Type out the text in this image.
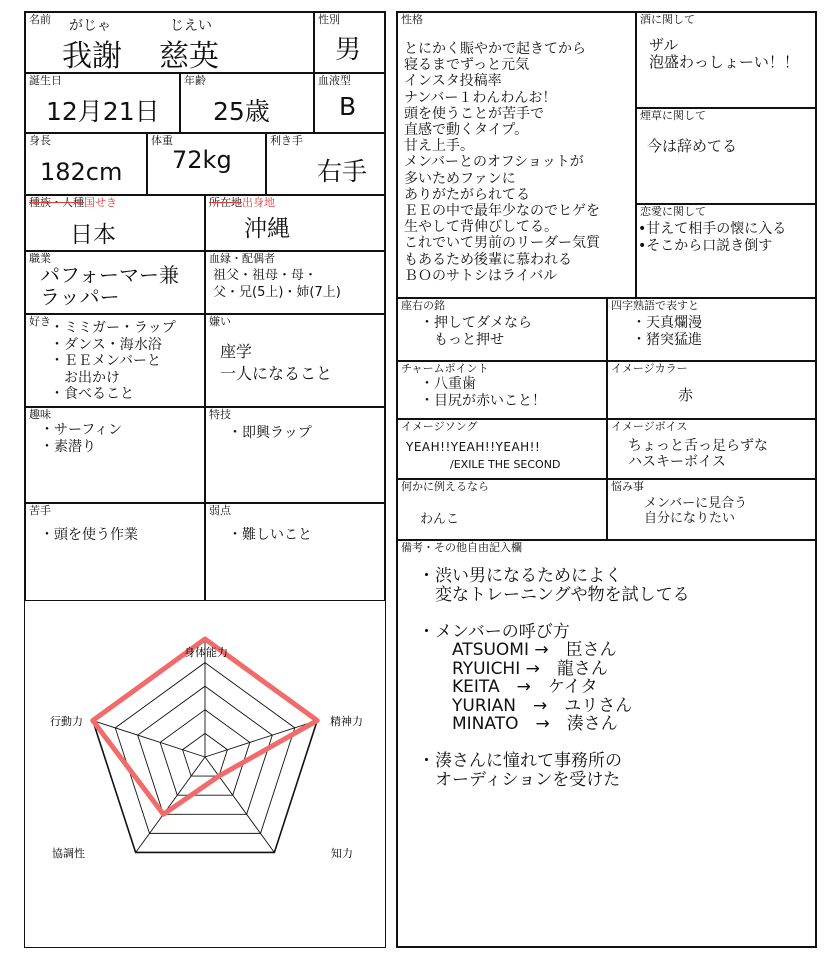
名前 がじゃ	じえい
我謝 慈英
性別
男
誕生日
12月21日
年齢
25歳
血液型
B
身長
182cm
体重
72kg
利き手
右手
種族・人種国せき
日本
所在地出身地
沖縄
職業
パフォーマー兼
ラッパー
血縁・配偶者
祖父・祖母・母・
父・兄(5上)・姉(7上)
好き ・ミミガー・ラップ
・ダンス・海水浴
・ＥＥメンバーと
　お出かけ
・食べること
嫌い
座学
一人になること
趣味
・サーフィン
・素潜り
特技
・即興ラップ
苦手
・頭を使う作業
弱点
・難しいこと
身体能力
精神力
知力
協調性
行動力
性格
とにかく賑やかで起きてから
寝るまでずっと元気
インスタ投稿率
ナンバー１わんわんお！
頭を使うことが苦手で
直感で動くタイプ。
甘え上手。
メンバーとのオフショットが
多いためファンに
ありがたがられてる
ＥＥの中で最年少なのでヒゲを
生やして背伸びしてる。
これでいて男前のリーダー気質
もあるため後輩に慕われる
ＢＯのサトシはライバル
酒に関して
ザル
泡盛わっしょーい！！
煙草に関して
今は辞めてる
恋愛に関して
•甘えて相手の懐に入る
•そこから口説き倒す
座右の銘
・押してダメなら
　もっと押せ
四字熟語で表すと
・天真爛漫
・猪突猛進
チャームポイント
・八重歯
・目尻が赤いこと！
イメージカラー
赤
イメージソング
YEAH!!YEAH!!YEAH!!
/EXILE THE SECOND
イメージボイス
ちょっと舌っ足らずな
ハスキーボイス
何かに例えるなら
わんこ
悩み事
メンバーに見合う
自分になりたい
備考・その他自由記入欄
・渋い男になるためによく
　変なトレーニングや物を試してる

・メンバーの呼び方
　　ATSUOMI →　臣さん
　　RYUICHI →　龍さん
　　KEITA　→　ケイタ
　　YURIAN　→　ユリさん
　　MINATO　→　湊さん

・湊さんに憧れて事務所の
　オーディションを受けた
